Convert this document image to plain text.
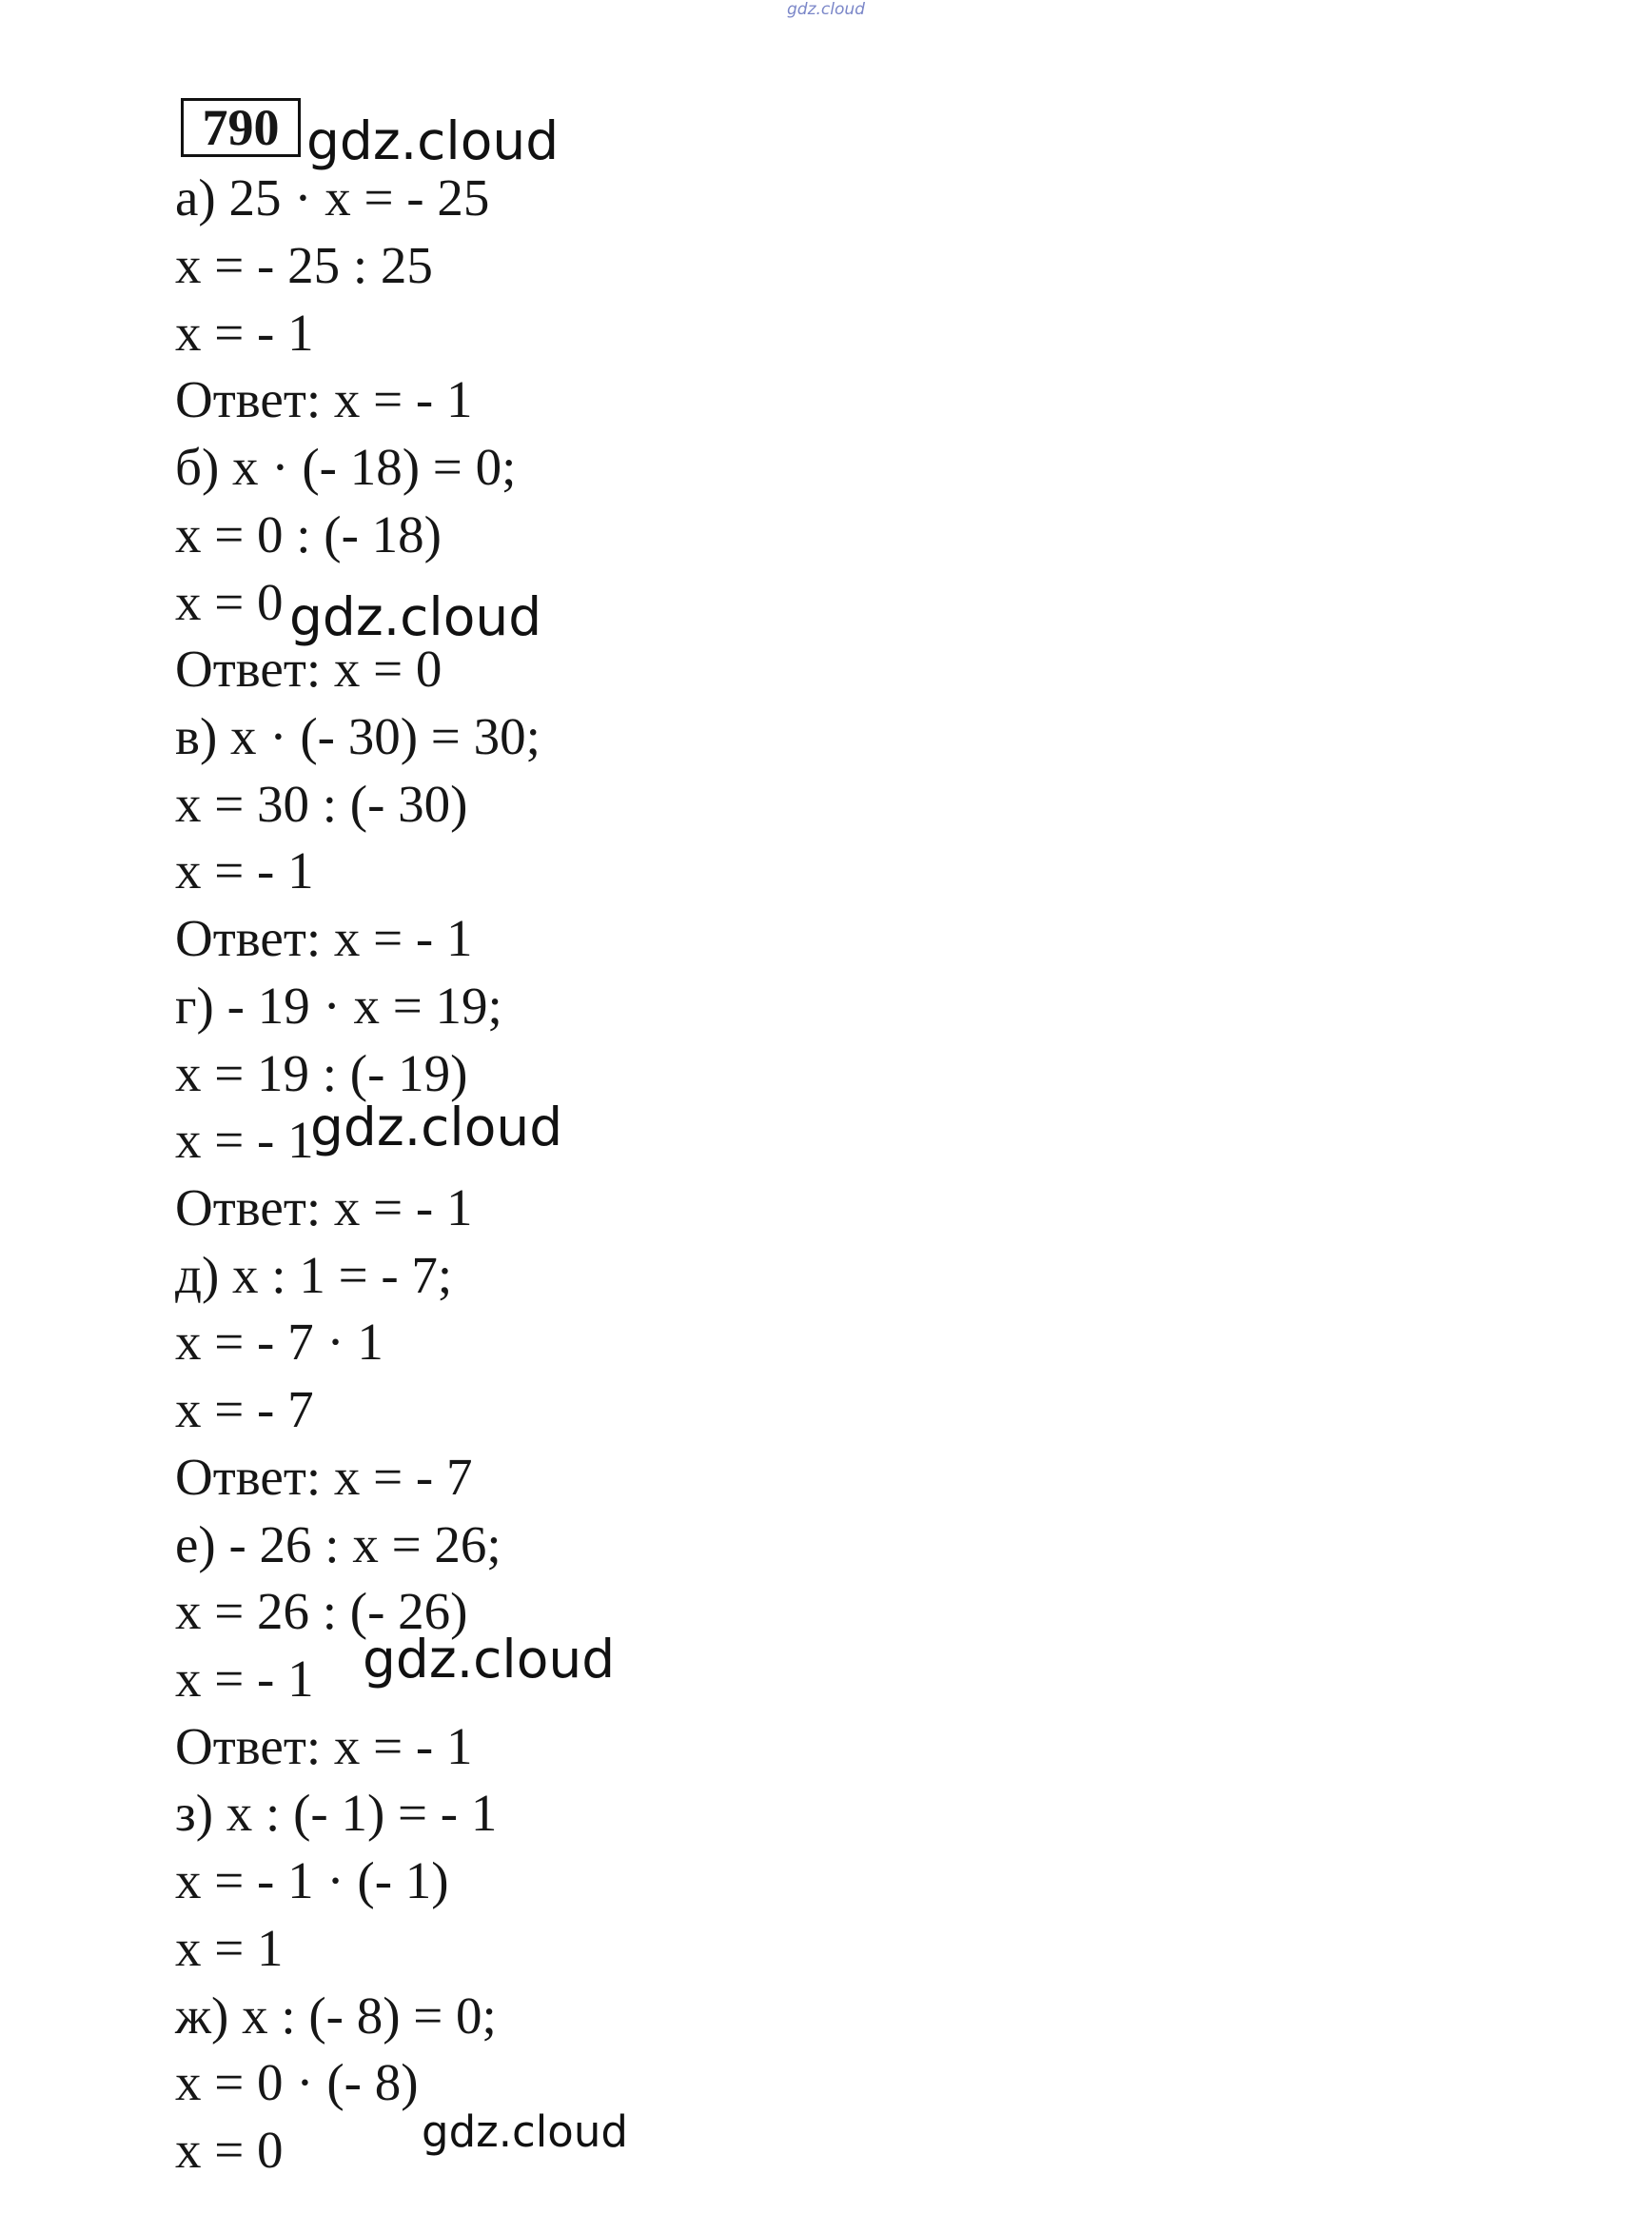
gdz.cloud
790
а) 25 · х = - 25
х = - 25 : 25
х = - 1
Ответ: х = - 1
б) х · (- 18) = 0;
х = 0 : (- 18)
х = 0
Ответ: х = 0
в) х · (- 30) = 30;
х = 30 : (- 30)
х = - 1
Ответ: х = - 1
г) - 19 · х = 19;
х = 19 : (- 19)
х = - 1
Ответ: х = - 1
д) х : 1 = - 7;
х = - 7 · 1
х = - 7
Ответ: х = - 7
е) - 26 : х = 26;
х = 26 : (- 26)
х = - 1
Ответ: х = - 1
з) х : (- 1) = - 1
х = - 1 · (- 1)
х = 1
ж) х : (- 8) = 0;
х = 0 · (- 8)
х = 0
gdz.cloud
gdz.cloud
gdz.cloud
gdz.cloud
gdz.cloud
